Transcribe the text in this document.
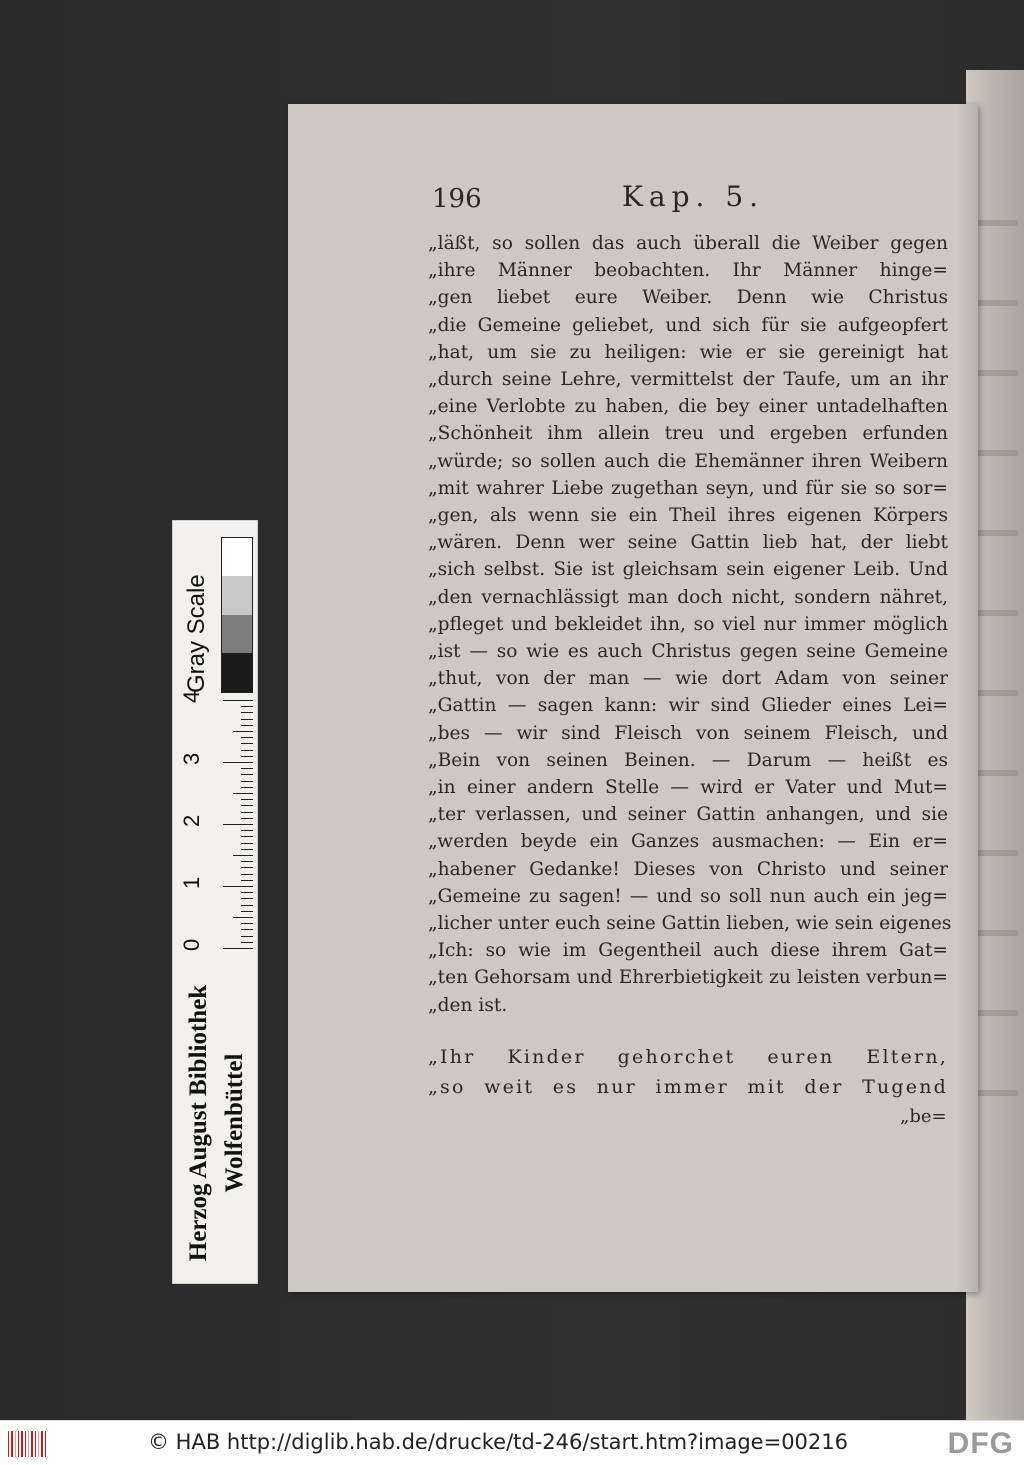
196	Kap. 5.
„läßt, so sollen das auch überall die Weiber gegen
„ihre Männer beobachten. Ihr Männer hinge=
„gen liebet eure Weiber. Denn wie Christus
„die Gemeine geliebet, und sich für sie aufgeopfert
„hat, um sie zu heiligen: wie er sie gereinigt hat
„durch seine Lehre, vermittelst der Taufe, um an ihr
„eine Verlobte zu haben, die bey einer untadelhaften
„Schönheit ihm allein treu und ergeben erfunden
„würde; so sollen auch die Ehemänner ihren Weibern
„mit wahrer Liebe zugethan seyn, und für sie so sor=
„gen, als wenn sie ein Theil ihres eigenen Körpers
„wären. Denn wer seine Gattin lieb hat, der liebt
„sich selbst. Sie ist gleichsam sein eigener Leib. Und
„den vernachlässigt man doch nicht, sondern nähret,
„pfleget und bekleidet ihn, so viel nur immer möglich
„ist — so wie es auch Christus gegen seine Gemeine
„thut, von der man — wie dort Adam von seiner
„Gattin — sagen kann: wir sind Glieder eines Lei=
„bes — wir sind Fleisch von seinem Fleisch, und
„Bein von seinen Beinen. — Darum — heißt es
„in einer andern Stelle — wird er Vater und Mut=
„ter verlassen, und seiner Gattin anhangen, und sie
„werden beyde ein Ganzes ausmachen: — Ein er=
„habener Gedanke! Dieses von Christo und seiner
„Gemeine zu sagen! — und so soll nun auch ein jeg=
„licher unter euch seine Gattin lieben, wie sein eigenes
„Ich: so wie im Gegentheil auch diese ihrem Gat=
„ten Gehorsam und Ehrerbietigkeit zu leisten verbun=
„den ist.
„Ihr Kinder gehorchet euren Eltern,
„so weit es nur immer mit der Tugend
„be=
Herzog August Bibliothek Wolfenbüttel
0
1
2
3
4
Gray Scale
© HAB http://diglib.hab.de/drucke/td-246/start.htm?image=00216	DFG
